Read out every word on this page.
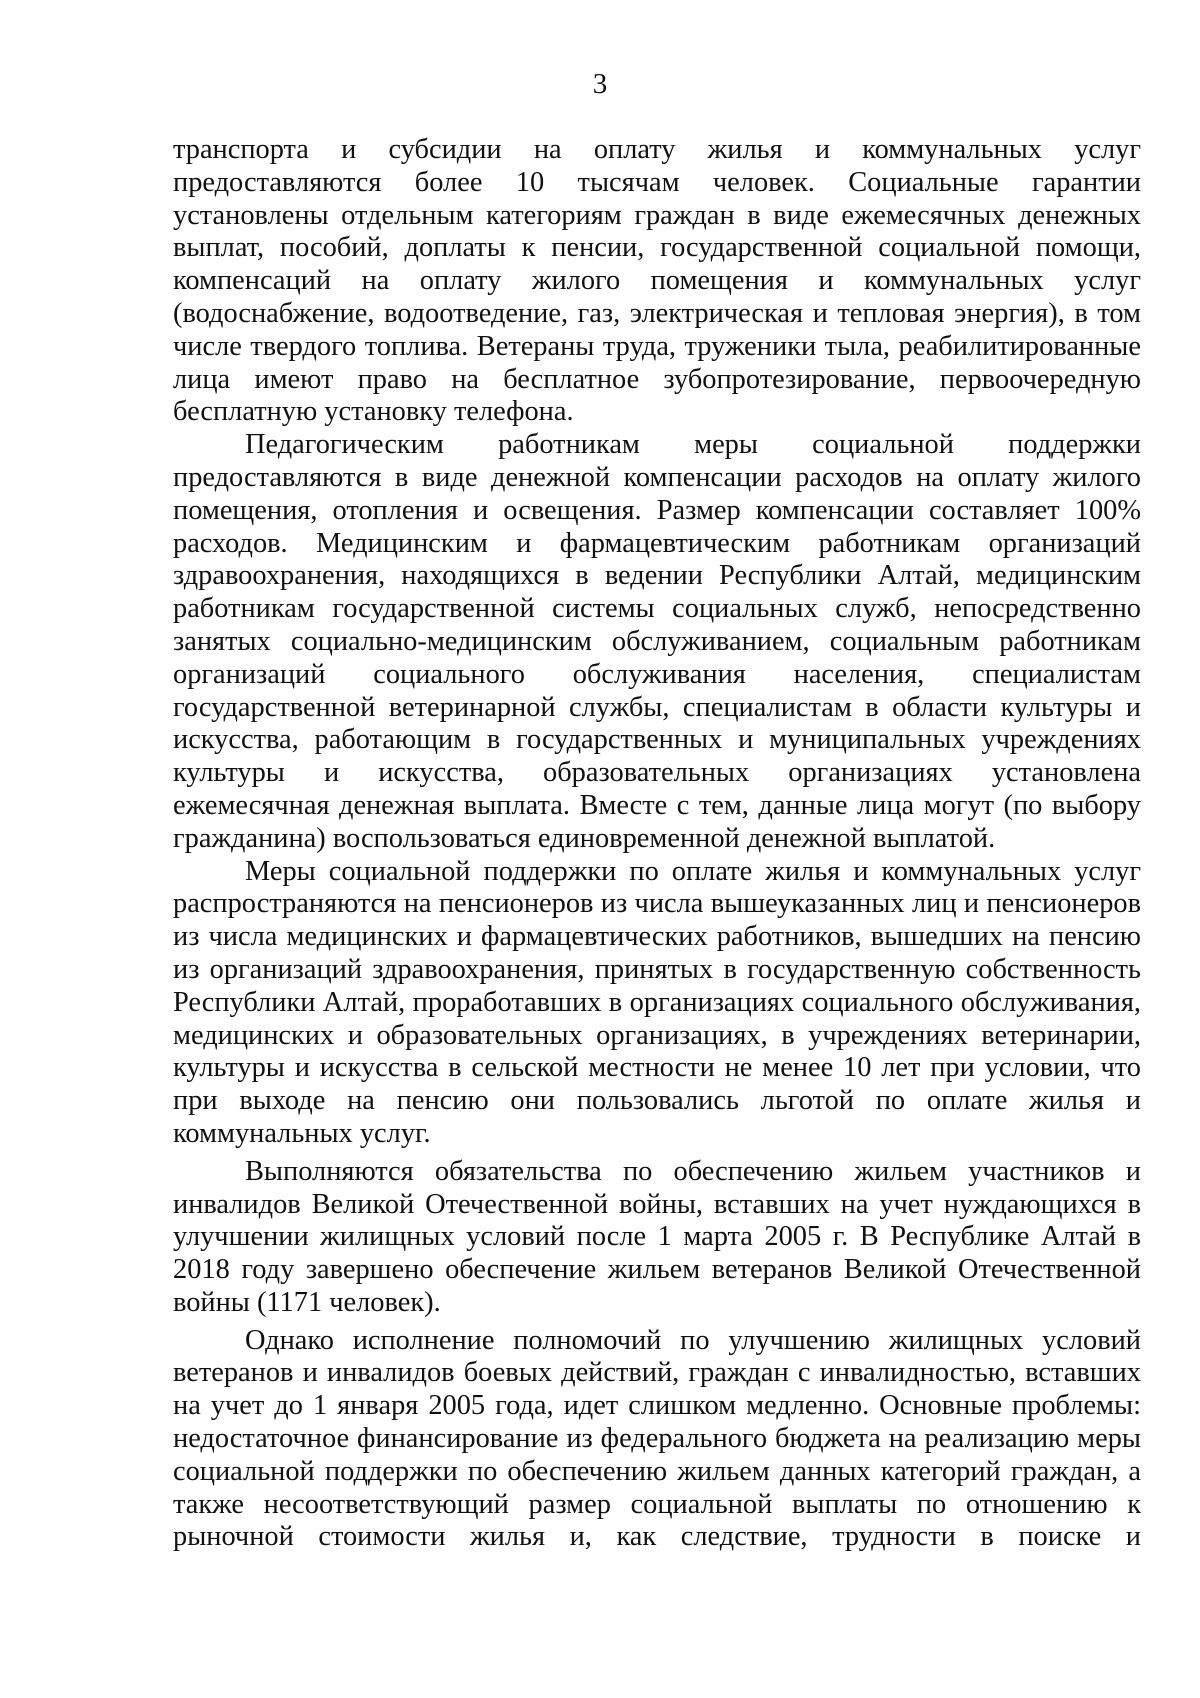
3

транспорта и субсидии на оплату жилья и коммунальных услуг предоставляются более 10 тысячам человек. Социальные гарантии установлены отдельным категориям граждан в виде ежемесячных денежных выплат, пособий, доплаты к пенсии, государственной социальной помощи, компенсаций на оплату жилого помещения и коммунальных услуг (водоснабжение, водоотведение, газ, электрическая и тепловая энергия), в том числе твердого топлива. Ветераны труда, труженики тыла, реабилитированные лица имеют право на бесплатное зубопротезирование, первоочередную бесплатную установку телефона.

Педагогическим работникам меры социальной поддержки предоставляются в виде денежной компенсации расходов на оплату жилого помещения, отопления и освещения. Размер компенсации составляет 100% расходов. Медицинским и фармацевтическим работникам организаций здравоохранения, находящихся в ведении Республики Алтай, медицинским работникам государственной системы социальных служб, непосредственно занятых социально-медицинским обслуживанием, социальным работникам организаций социального обслуживания населения, специалистам государственной ветеринарной службы, специалистам в области культуры и искусства, работающим в государственных и муниципальных учреждениях культуры и искусства, образовательных организациях установлена ежемесячная денежная выплата. Вместе с тем, данные лица могут (по выбору гражданина) воспользоваться единовременной денежной выплатой.

Меры социальной поддержки по оплате жилья и коммунальных услуг распространяются на пенсионеров из числа вышеуказанных лиц и пенсионеров из числа медицинских и фармацевтических работников, вышедших на пенсию из организаций здравоохранения, принятых в государственную собственность Республики Алтай, проработавших в организациях социального обслуживания, медицинских и образовательных организациях, в учреждениях ветеринарии, культуры и искусства в сельской местности не менее 10 лет при условии, что при выходе на пенсию они пользовались льготой по оплате жилья и коммунальных услуг.

Выполняются обязательства по обеспечению жильем участников и инвалидов Великой Отечественной войны, вставших на учет нуждающихся в улучшении жилищных условий после 1 марта 2005 г. В Республике Алтай в 2018 году завершено обеспечение жильем ветеранов Великой Отечественной войны (1171 человек).

Однако исполнение полномочий по улучшению жилищных условий ветеранов и инвалидов боевых действий, граждан с инвалидностью, вставших на учет до 1 января 2005 года, идет слишком медленно. Основные проблемы: недостаточное финансирование из федерального бюджета на реализацию меры социальной поддержки по обеспечению жильем данных категорий граждан, а также несоответствующий размер социальной выплаты по отношению к рыночной стоимости жилья и, как следствие, трудности в поиске и
